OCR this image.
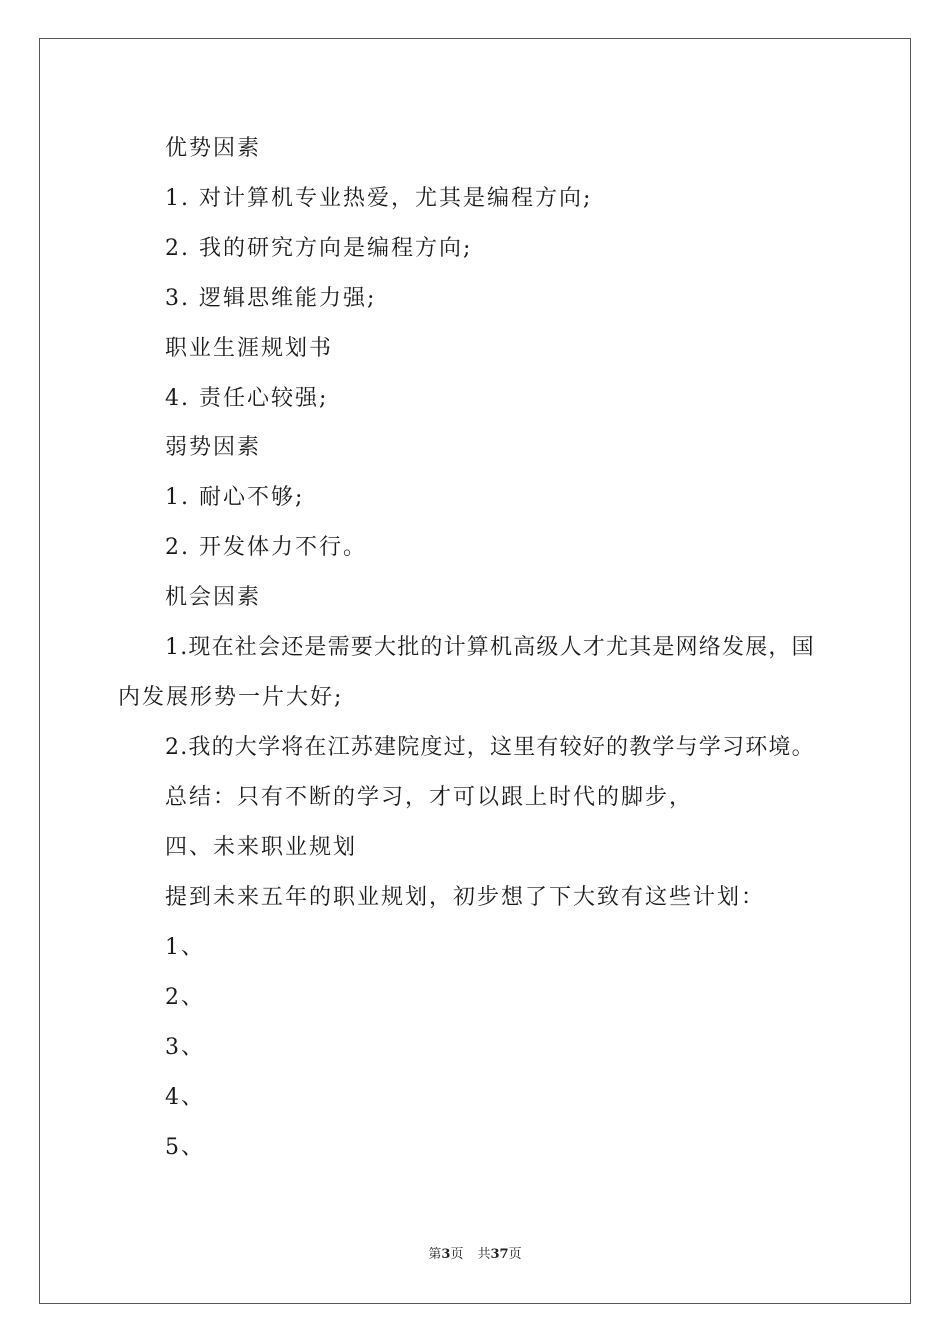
优势因素
1. 对计算机专业热爱，尤其是编程方向;
2. 我的研究方向是编程方向;
3. 逻辑思维能力强;
职业生涯规划书
4. 责任心较强;
弱势因素
1. 耐心不够;
2. 开发体力不行。
机会因素
1.现在社会还是需要大批的计算机高级人才尤其是网络发展，国
内发展形势一片大好;
2.我的大学将在江苏建院度过，这里有较好的教学与学习环境。
总结：只有不断的学习，才可以跟上时代的脚步，
四、未来职业规划
提到未来五年的职业规划，初步想了下大致有这些计划：
1、
2、
3、
4、
5、
第3页 共37页
